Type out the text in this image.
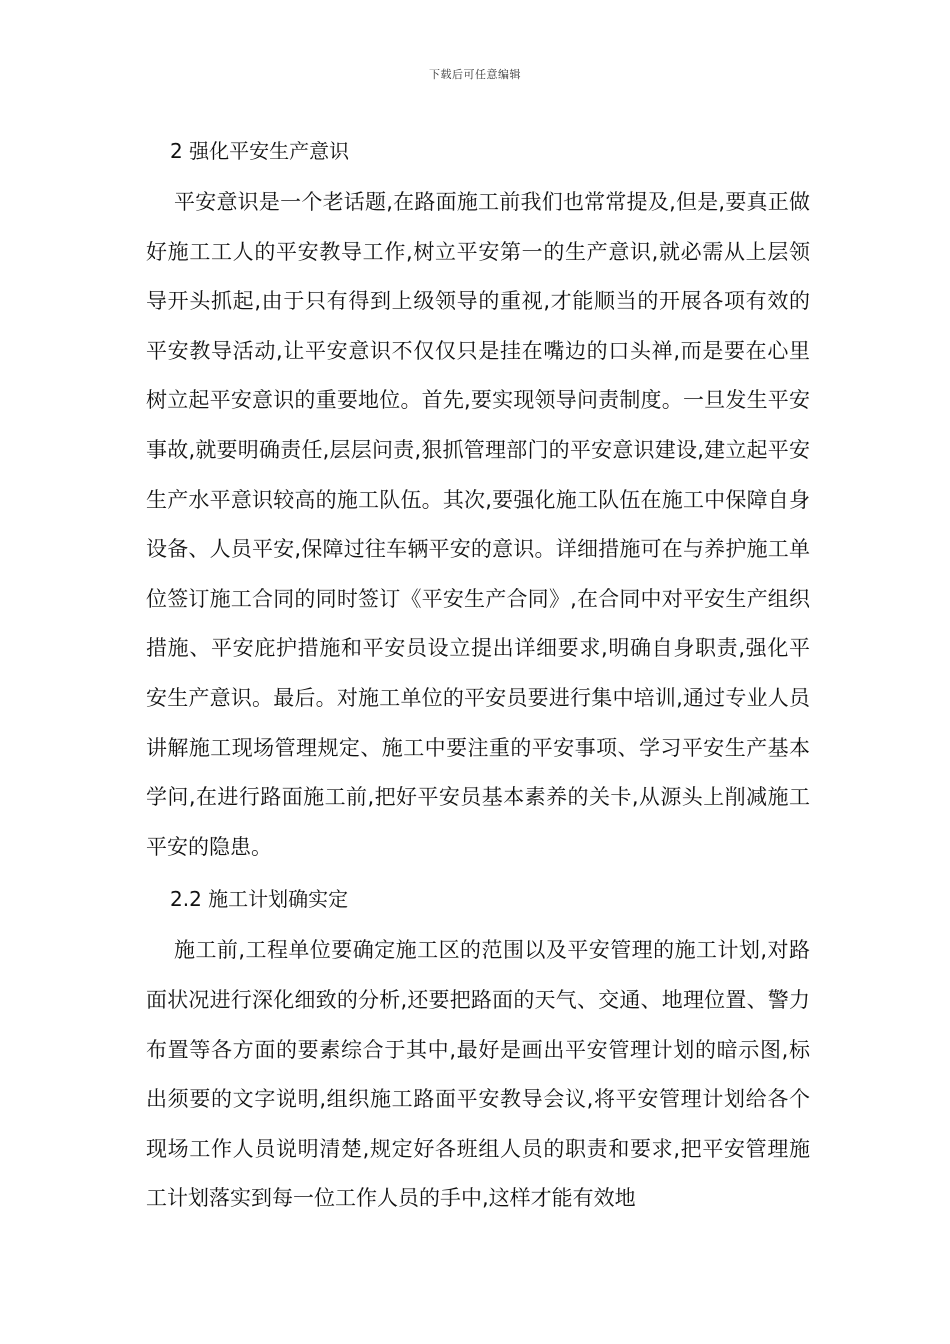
下载后可任意编辑
2 强化平安生产意识

平安意识是一个老话题,在路面施工前我们也常常提及,但是,要真正做好施工工人的平安教导工作,树立平安第一的生产意识,就必需从上层领导开头抓起,由于只有得到上级领导的重视,才能顺当的开展各项有效的平安教导活动,让平安意识不仅仅只是挂在嘴边的口头禅,而是要在心里树立起平安意识的重要地位。首先,要实现领导问责制度。一旦发生平安事故,就要明确责任,层层问责,狠抓管理部门的平安意识建设,建立起平安生产水平意识较高的施工队伍。其次,要强化施工队伍在施工中保障自身设备、人员平安,保障过往车辆平安的意识。详细措施可在与养护施工单位签订施工合同的同时签订《平安生产合同》,在合同中对平安生产组织措施、平安庇护措施和平安员设立提出详细要求,明确自身职责,强化平安生产意识。最后。对施工单位的平安员要进行集中培训,通过专业人员讲解施工现场管理规定、施工中要注重的平安事项、学习平安生产基本学问,在进行路面施工前,把好平安员基本素养的关卡,从源头上削减施工平安的隐患。

2.2 施工计划确实定

施工前,工程单位要确定施工区的范围以及平安管理的施工计划,对路面状况进行深化细致的分析,还要把路面的天气、交通、地理位置、警力布置等各方面的要素综合于其中,最好是画出平安管理计划的暗示图,标出须要的文字说明,组织施工路面平安教导会议,将平安管理计划给各个现场工作人员说明清楚,规定好各班组人员的职责和要求,把平安管理施工计划落实到每一位工作人员的手中,这样才能有效地
